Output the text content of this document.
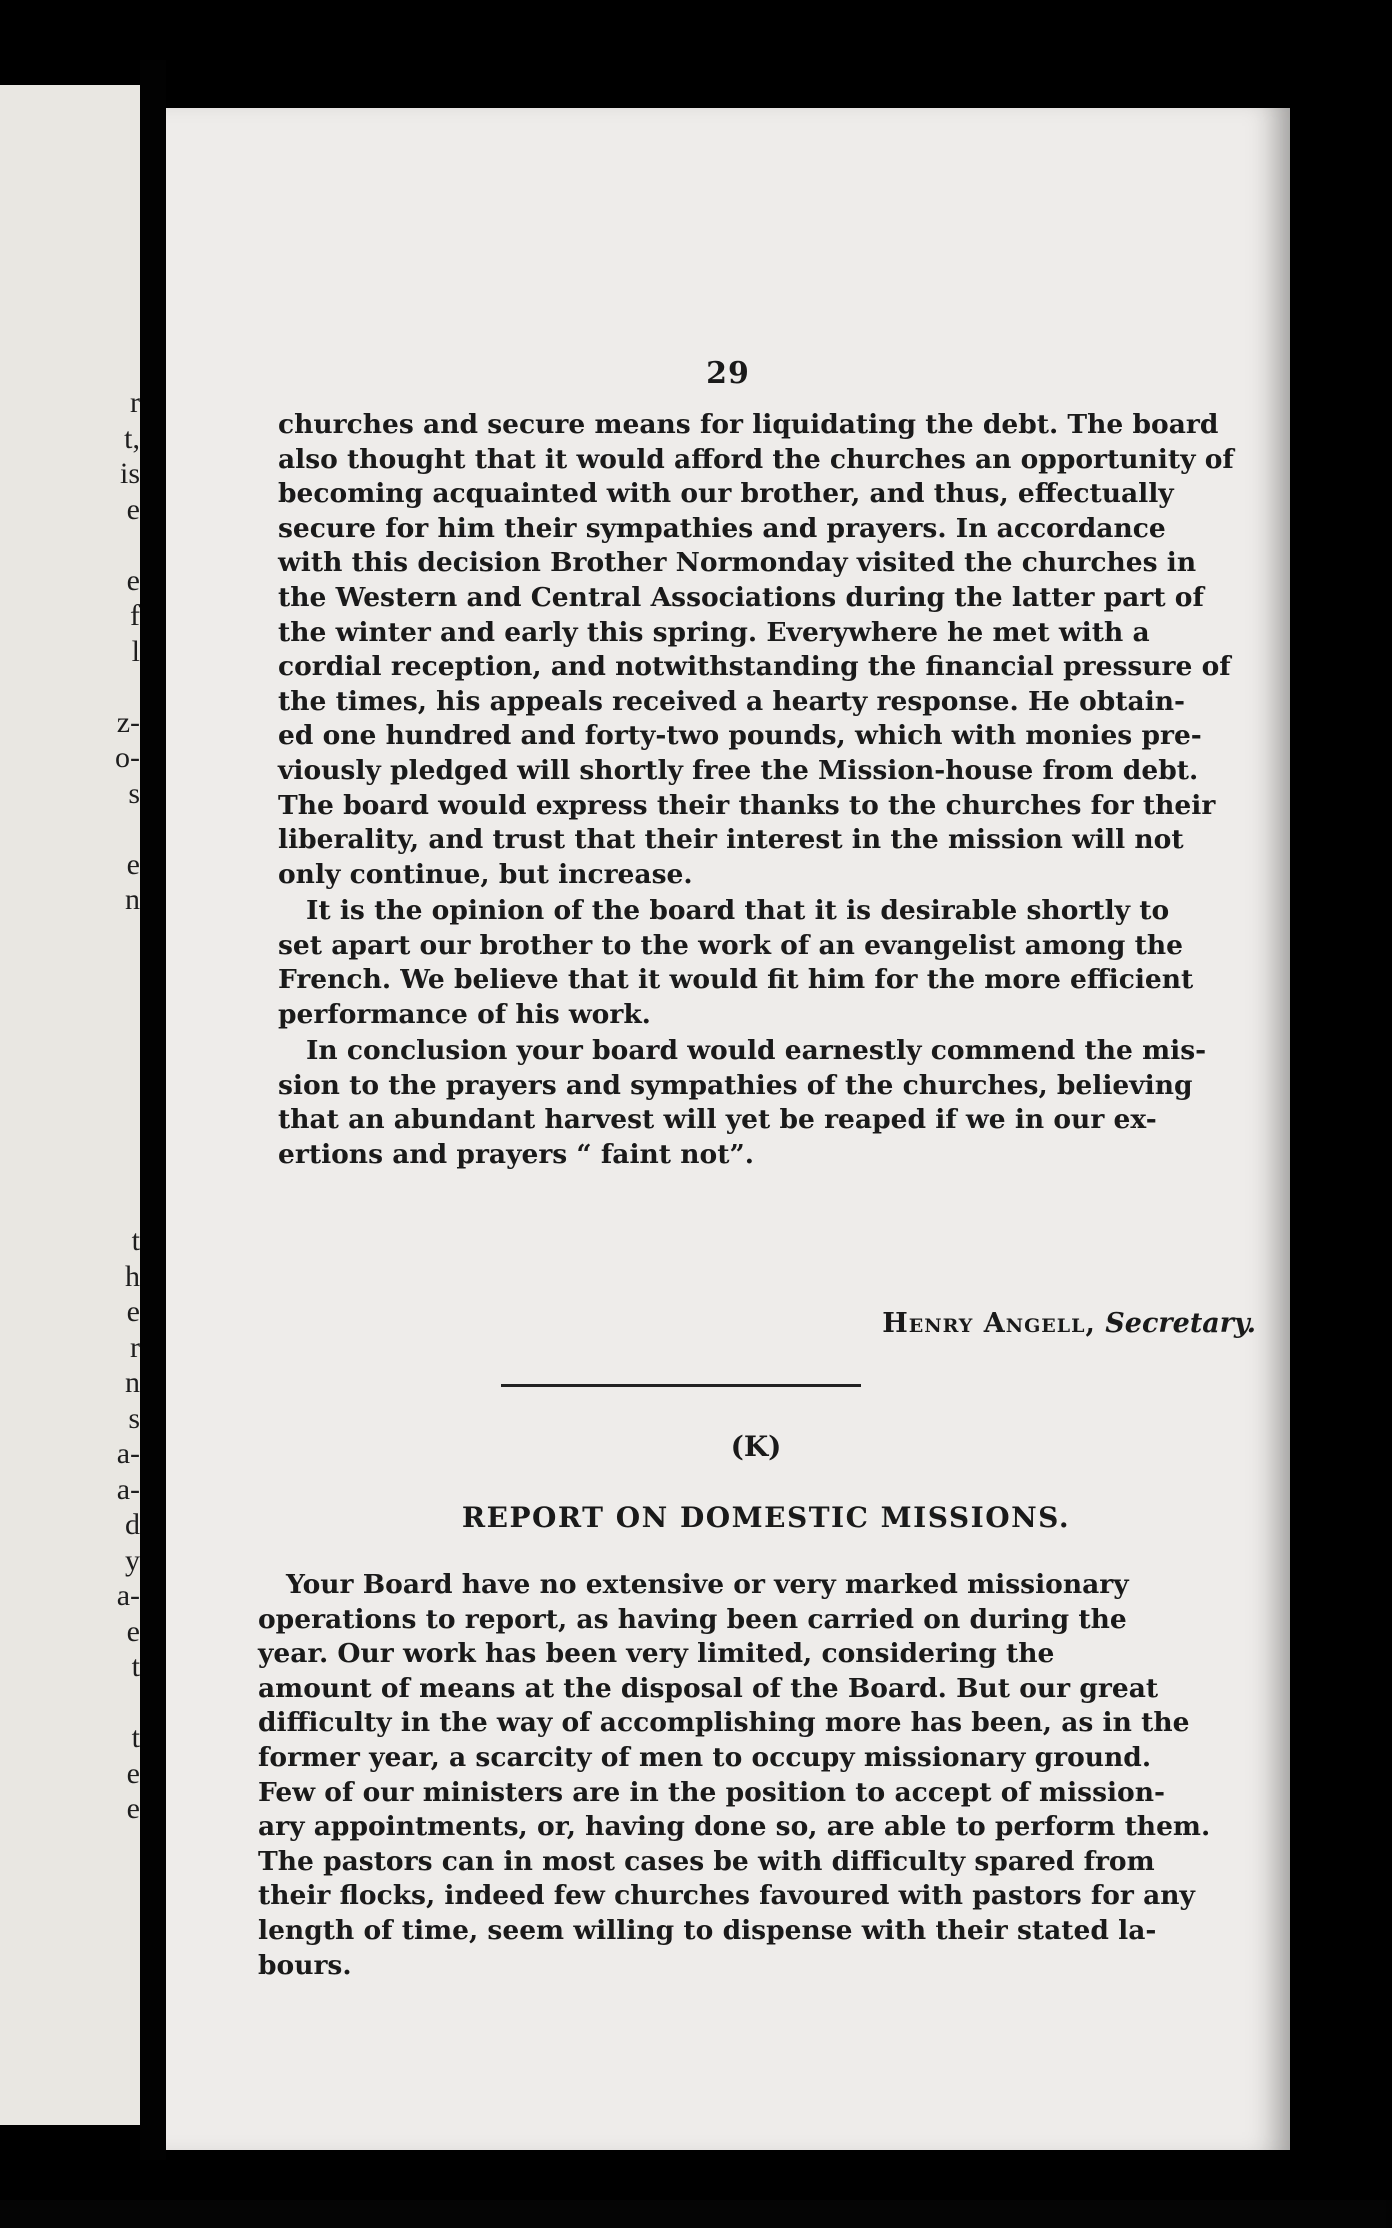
r
t,
is
e
e
f
l
z-
o-
s
e
n
t
h
e
r
n
s
a-
a-
d
y
a-
e
t
t
e
e
29
churches and secure means for liquidating the debt. The board
also thought that it would afford the churches an opportunity of
becoming acquainted with our brother, and thus, effectually
secure for him their sympathies and prayers. In accordance
with this decision Brother Normonday visited the churches in
the Western and Central Associations during the latter part of
the winter and early this spring. Everywhere he met with a
cordial reception, and notwithstanding the financial pressure of
the times, his appeals received a hearty response. He obtain-
ed one hundred and forty-two pounds, which with monies pre-
viously pledged will shortly free the Mission-house from debt.
The board would express their thanks to the churches for their
liberality, and trust that their interest in the mission will not
only continue, but increase.
It is the opinion of the board that it is desirable shortly to
set apart our brother to the work of an evangelist among the
French. We believe that it would fit him for the more efficient
performance of his work.
In conclusion your board would earnestly commend the mis-
sion to the prayers and sympathies of the churches, believing
that an abundant harvest will yet be reaped if we in our ex-
ertions and prayers “ faint not”.
Henry Angell, Secretary.
(K)
REPORT ON DOMESTIC MISSIONS.
Your Board have no extensive or very marked missionary
operations to report, as having been carried on during the
year. Our work has been very limited, considering the
amount of means at the disposal of the Board. But our great
difficulty in the way of accomplishing more has been, as in the
former year, a scarcity of men to occupy missionary ground.
Few of our ministers are in the position to accept of mission-
ary appointments, or, having done so, are able to perform them.
The pastors can in most cases be with difficulty spared from
their flocks, indeed few churches favoured with pastors for any
length of time, seem willing to dispense with their stated la-
bours.
